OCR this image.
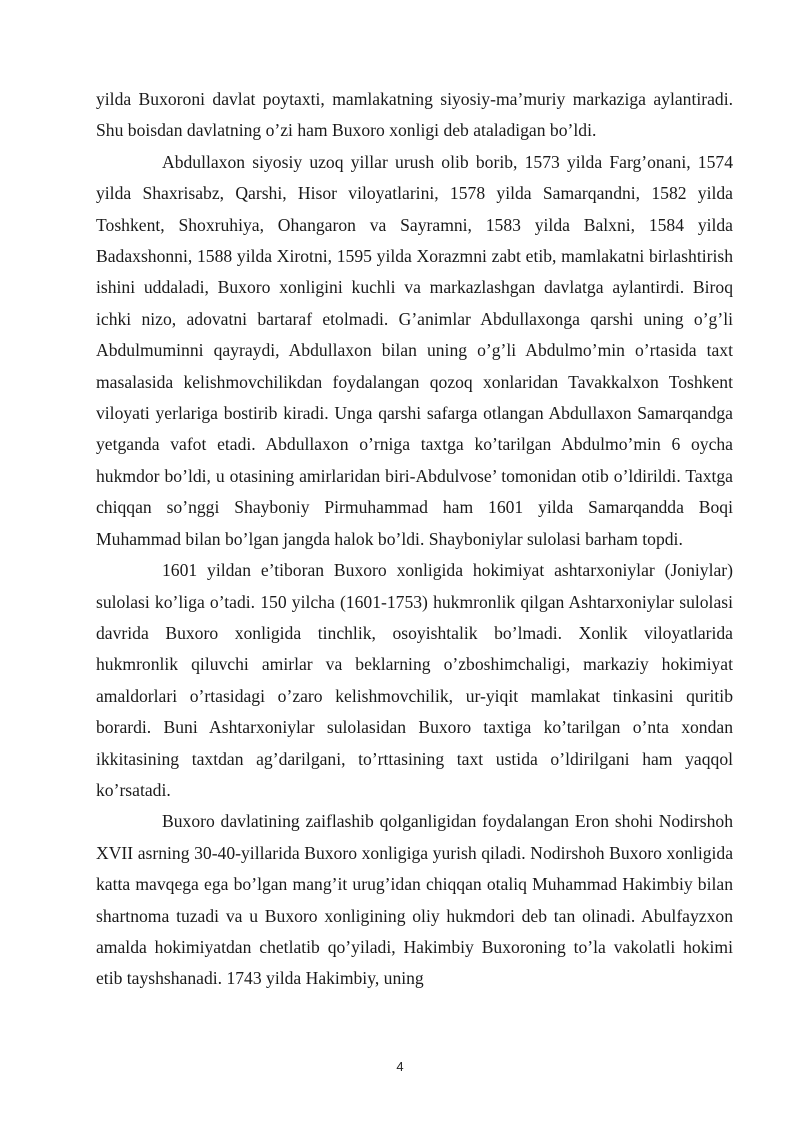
yilda Buxoroni davlat poytaxti, mamlakatning siyosiy-ma’muriy markaziga aylantiradi. Shu boisdan davlatning o’zi ham Buxoro xonligi deb ataladigan bo’ldi.

Abdullaxon siyosiy uzoq yillar urush olib borib, 1573 yilda Farg’onani, 1574 yilda Shaxrisabz, Qarshi, Hisor viloyatlarini, 1578 yilda Samarqandni, 1582 yilda Toshkent, Shoxruhiya, Ohangaron va Sayramni, 1583 yilda Balxni, 1584 yilda Badaxshonni, 1588 yilda Xirotni, 1595 yilda Xorazmni zabt etib, mamlakatni birlashtirish ishini uddaladi, Buxoro xonligini kuchli va markazlashgan davlatga aylantirdi. Biroq ichki nizo, adovatni bartaraf etolmadi. G’animlar Abdullaxonga qarshi uning o’g’li Abdulmuminni qayraydi, Abdullaxon bilan uning o’g’li Abdulmo’min o’rtasida taxt masalasida kelishmovchilikdan foydalangan qozoq xonlaridan Tavakkalxon Toshkent viloyati yerlariga bostirib kiradi. Unga qarshi safarga otlangan Abdullaxon Samarqandga yetganda vafot etadi. Abdullaxon o’rniga taxtga ko’tarilgan Abdulmo’min 6 oycha hukmdor bo’ldi, u otasining amirlaridan biri-Abdulvose’ tomonidan otib o’ldirildi. Taxtga chiqqan so’nggi Shayboniy Pirmuhammad ham 1601 yilda Samarqandda Boqi Muhammad bilan bo’lgan jangda halok bo’ldi. Shayboniylar sulolasi barham topdi.

1601 yildan e’tiboran Buxoro xonligida hokimiyat ashtarxoniylar (Joniylar) sulolasi ko’liga o’tadi. 150 yilcha (1601-1753) hukmronlik qilgan Ashtarxoniylar sulolasi davrida Buxoro xonligida tinchlik, osoyishtalik bo’lmadi. Xonlik viloyatlarida hukmronlik qiluvchi amirlar va beklarning o’zboshimchaligi, markaziy hokimiyat amaldorlari o’rtasidagi o’zaro kelishmovchilik, ur-yiqit mamlakat tinkasini quritib borardi. Buni Ashtarxoniylar sulolasidan Buxoro taxtiga ko’tarilgan o’nta xondan ikkitasining taxtdan ag’darilgani, to’rttasining taxt ustida o’ldirilgani ham yaqqol ko’rsatadi.

Buxoro davlatining zaiflashib qolganligidan foydalangan Eron shohi Nodirshoh XVII asrning 30-40-yillarida Buxoro xonligiga yurish qiladi. Nodirshoh Buxoro xonligida katta mavqega ega bo’lgan mang’it urug’idan chiqqan otaliq Muhammad Hakimbiy bilan shartnoma tuzadi va u Buxoro xonligining oliy hukmdori deb tan olinadi. Abulfayzxon amalda hokimiyatdan chetlatib qo’yiladi, Hakimbiy Buxoroning to’la vakolatli hokimi etib tayshshanadi. 1743 yilda Hakimbiy, uning

4
